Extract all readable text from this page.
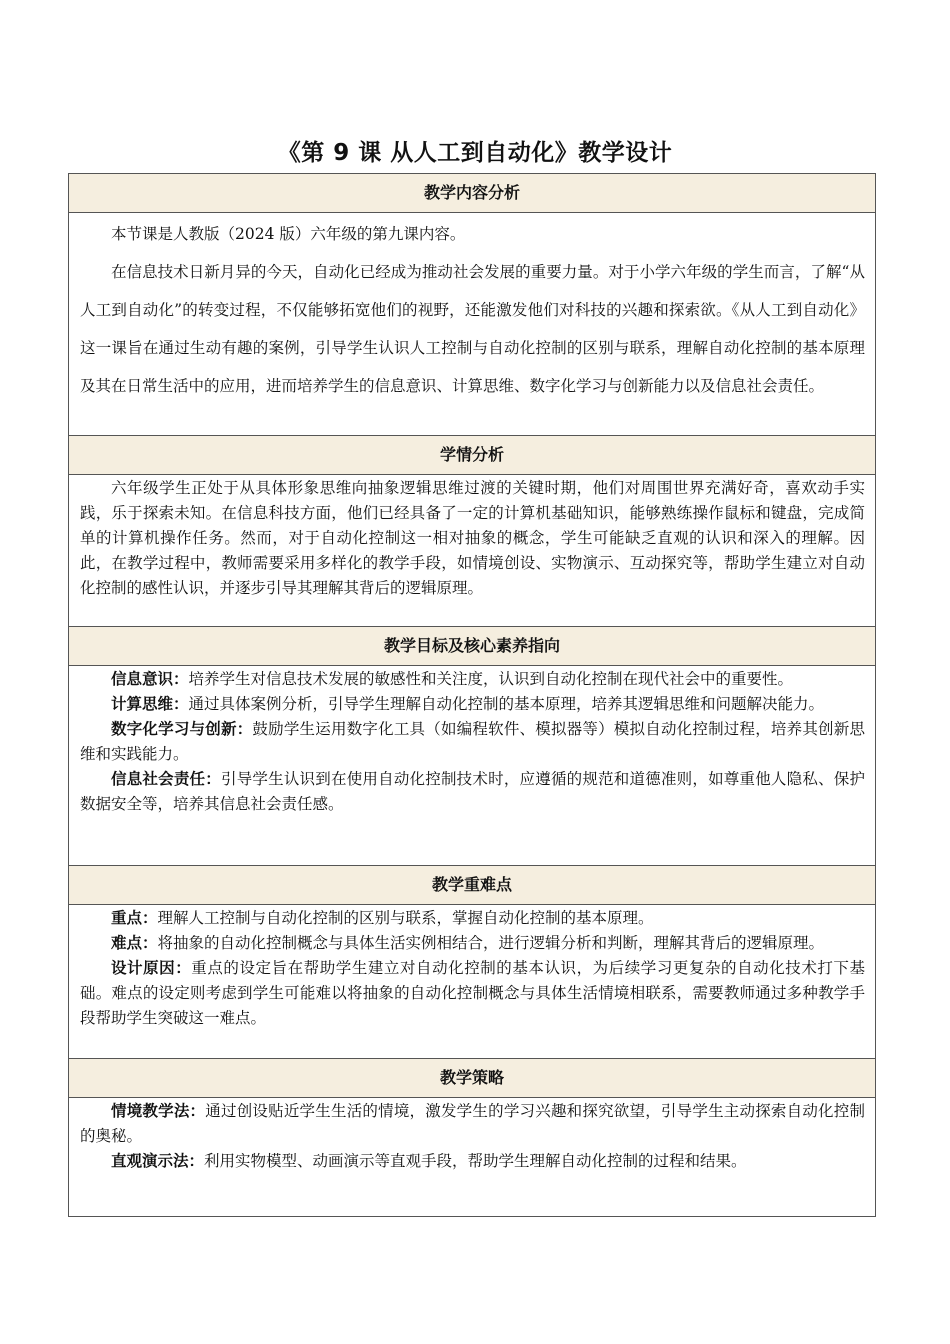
《第 9 课 从人工到自动化》教学设计
教学内容分析

本节课是人教版（2024 版）六年级的第九课内容。

在信息技术日新月异的今天，自动化已经成为推动社会发展的重要力量。对于小学六年级的学生而言，了解“从人工到自动化”的转变过程，不仅能够拓宽他们的视野，还能激发他们对科技的兴趣和探索欲。《从人工到自动化》这一课旨在通过生动有趣的案例，引导学生认识人工控制与自动化控制的区别与联系，理解自动化控制的基本原理及其在日常生活中的应用，进而培养学生的信息意识、计算思维、数字化学习与创新能力以及信息社会责任。

学情分析

六年级学生正处于从具体形象思维向抽象逻辑思维过渡的关键时期，他们对周围世界充满好奇，喜欢动手实践，乐于探索未知。在信息科技方面，他们已经具备了一定的计算机基础知识，能够熟练操作鼠标和键盘，完成简单的计算机操作任务。然而，对于自动化控制这一相对抽象的概念，学生可能缺乏直观的认识和深入的理解。因此，在教学过程中，教师需要采用多样化的教学手段，如情境创设、实物演示、互动探究等，帮助学生建立对自动化控制的感性认识，并逐步引导其理解其背后的逻辑原理。

教学目标及核心素养指向

信息意识：培养学生对信息技术发展的敏感性和关注度，认识到自动化控制在现代社会中的重要性。

计算思维：通过具体案例分析，引导学生理解自动化控制的基本原理，培养其逻辑思维和问题解决能力。

数字化学习与创新：鼓励学生运用数字化工具（如编程软件、模拟器等）模拟自动化控制过程，培养其创新思维和实践能力。

信息社会责任：引导学生认识到在使用自动化控制技术时，应遵循的规范和道德准则，如尊重他人隐私、保护数据安全等，培养其信息社会责任感。

教学重难点

重点：理解人工控制与自动化控制的区别与联系，掌握自动化控制的基本原理。

难点：将抽象的自动化控制概念与具体生活实例相结合，进行逻辑分析和判断，理解其背后的逻辑原理。

设计原因：重点的设定旨在帮助学生建立对自动化控制的基本认识，为后续学习更复杂的自动化技术打下基础。难点的设定则考虑到学生可能难以将抽象的自动化控制概念与具体生活情境相联系，需要教师通过多种教学手段帮助学生突破这一难点。

教学策略

情境教学法：通过创设贴近学生生活的情境，激发学生的学习兴趣和探究欲望，引导学生主动探索自动化控制的奥秘。

直观演示法：利用实物模型、动画演示等直观手段，帮助学生理解自动化控制的过程和结果。
